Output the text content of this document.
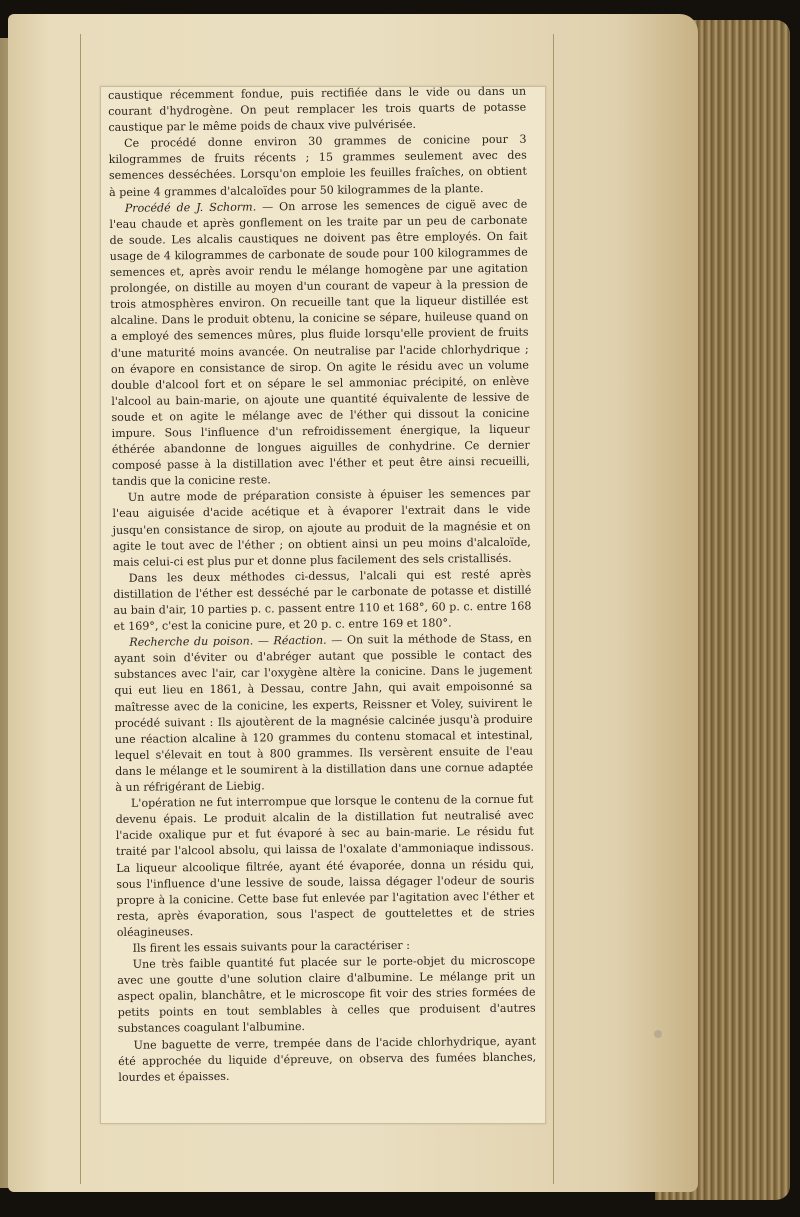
caustique récemment fondue, puis rectifiée dans le vide ou dans un courant d'hydrogène. On peut remplacer les trois quarts de potasse caustique par le même poids de chaux vive pulvérisée.

Ce procédé donne environ 30 grammes de conicine pour 3 kilogrammes de fruits récents ; 15 grammes seulement avec des semences desséchées. Lorsqu'on emploie les feuilles fraîches, on obtient à peine 4 grammes d'alcaloïdes pour 50 kilogrammes de la plante.

Procédé de J. Schorm. — On arrose les semences de ciguë avec de l'eau chaude et après gonflement on les traite par un peu de carbonate de soude. Les alcalis caustiques ne doivent pas être employés. On fait usage de 4 kilogrammes de carbonate de soude pour 100 kilogrammes de semences et, après avoir rendu le mélange homogène par une agitation prolongée, on distille au moyen d'un courant de vapeur à la pression de trois atmosphères environ. On recueille tant que la liqueur distillée est alcaline. Dans le produit obtenu, la conicine se sépare, huileuse quand on a employé des semences mûres, plus fluide lorsqu'elle provient de fruits d'une maturité moins avancée. On neutralise par l'acide chlorhydrique ; on évapore en consistance de sirop. On agite le résidu avec un volume double d'alcool fort et on sépare le sel ammoniac précipité, on enlève l'alcool au bain-marie, on ajoute une quantité équivalente de lessive de soude et on agite le mélange avec de l'éther qui dissout la conicine impure. Sous l'influence d'un refroidissement énergique, la liqueur éthérée abandonne de longues aiguilles de conhydrine. Ce dernier composé passe à la distillation avec l'éther et peut être ainsi recueilli, tandis que la conicine reste.

Un autre mode de préparation consiste à épuiser les semences par l'eau aiguisée d'acide acétique et à évaporer l'extrait dans le vide jusqu'en consistance de sirop, on ajoute au produit de la magnésie et on agite le tout avec de l'éther ; on obtient ainsi un peu moins d'alcaloïde, mais celui-ci est plus pur et donne plus facilement des sels cristallisés.

Dans les deux méthodes ci-dessus, l'alcali qui est resté après distillation de l'éther est desséché par le carbonate de potasse et distillé au bain d'air, 10 parties p. c. passent entre 110 et 168°, 60 p. c. entre 168 et 169°, c'est la conicine pure, et 20 p. c. entre 169 et 180°.

Recherche du poison. — Réaction. — On suit la méthode de Stass, en ayant soin d'éviter ou d'abréger autant que possible le contact des substances avec l'air, car l'oxygène altère la conicine. Dans le jugement qui eut lieu en 1861, à Dessau, contre Jahn, qui avait empoisonné sa maîtresse avec de la conicine, les experts, Reissner et Voley, suivirent le procédé suivant : Ils ajoutèrent de la magnésie calcinée jusqu'à produire une réaction alcaline à 120 grammes du contenu stomacal et intestinal, lequel s'élevait en tout à 800 grammes. Ils versèrent ensuite de l'eau dans le mélange et le soumirent à la distillation dans une cornue adaptée à un réfrigérant de Liebig.

L'opération ne fut interrompue que lorsque le contenu de la cornue fut devenu épais. Le produit alcalin de la distillation fut neutralisé avec l'acide oxalique pur et fut évaporé à sec au bain-marie. Le résidu fut traité par l'alcool absolu, qui laissa de l'oxalate d'ammoniaque indissous. La liqueur alcoolique filtrée, ayant été évaporée, donna un résidu qui, sous l'influence d'une lessive de soude, laissa dégager l'odeur de souris propre à la conicine. Cette base fut enlevée par l'agitation avec l'éther et resta, après évaporation, sous l'aspect de gouttelettes et de stries oléagineuses.

Ils firent les essais suivants pour la caractériser :

Une très faible quantité fut placée sur le porte-objet du microscope avec une goutte d'une solution claire d'albumine. Le mélange prit un aspect opalin, blanchâtre, et le microscope fit voir des stries formées de petits points en tout semblables à celles que produisent d'autres substances coagulant l'albumine.

Une baguette de verre, trempée dans de l'acide chlorhydrique, ayant été approchée du liquide d'épreuve, on observa des fumées blanches, lourdes et épaisses.
